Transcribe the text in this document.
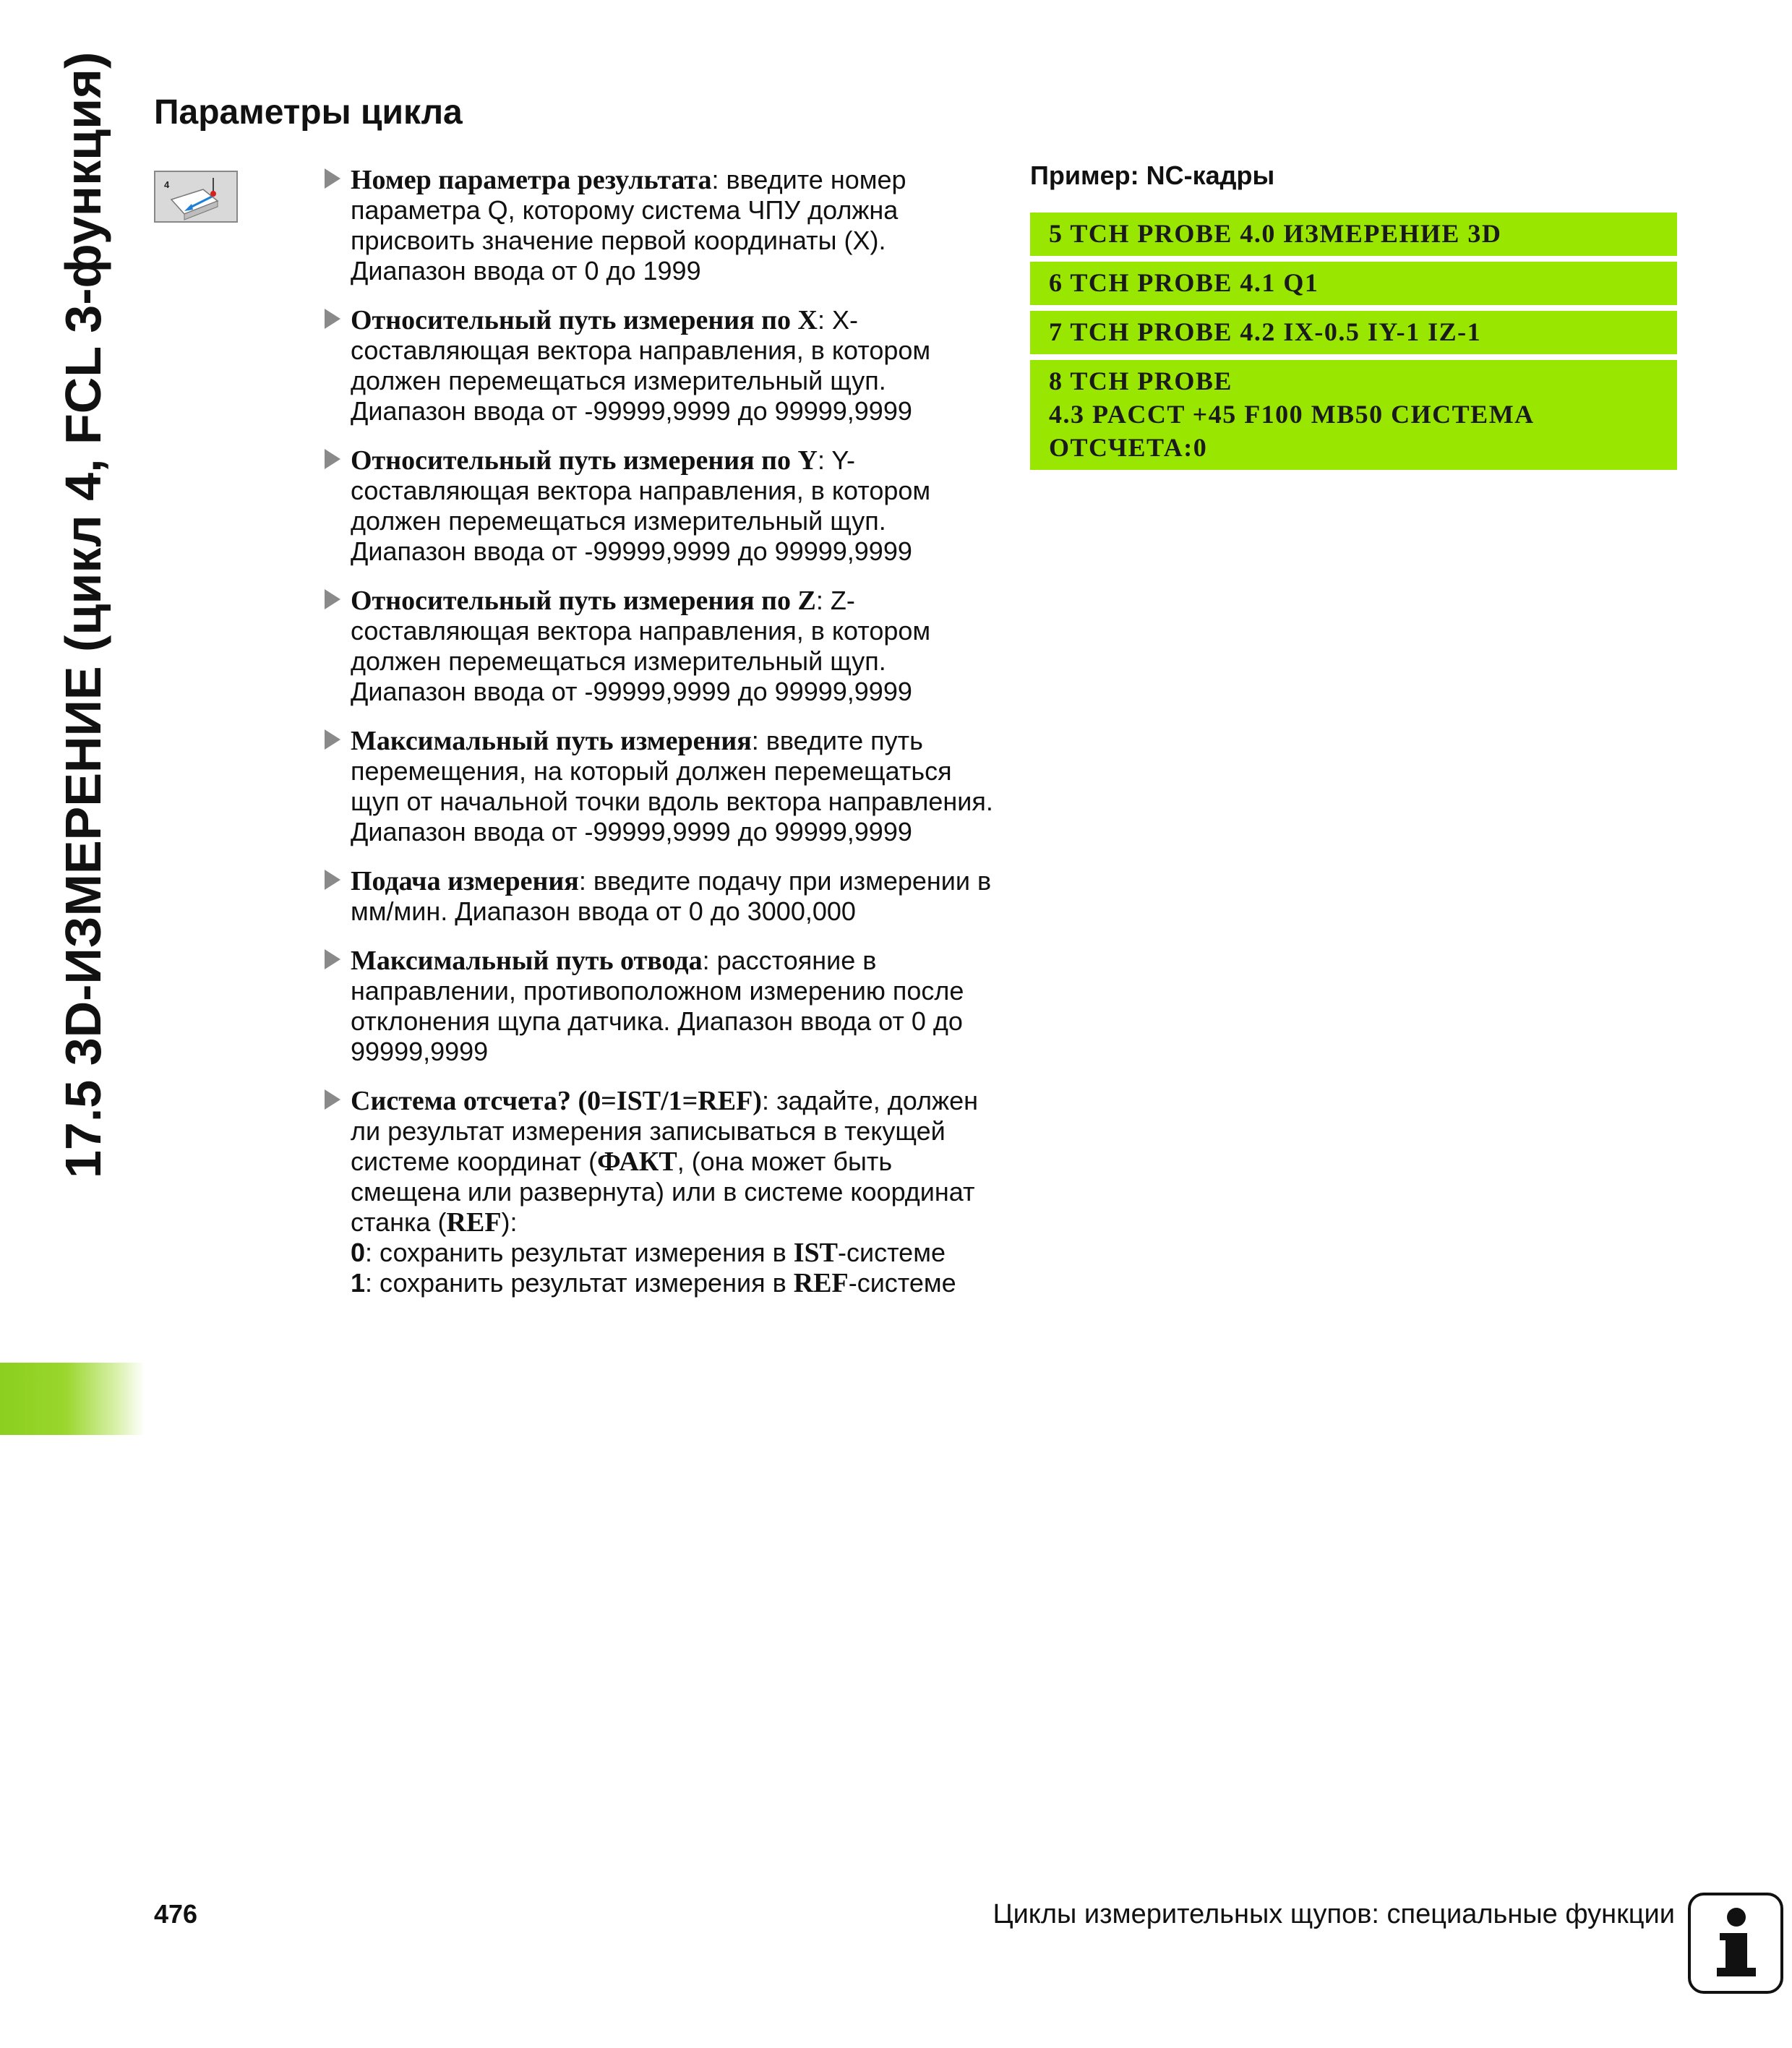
17.5 3D-ИЗМЕРЕНИЕ (цикл 4, FCL 3-функция) Параметры цикла
4	Номер параметра результата: введите номер параметра Q, которому система ЧПУ должна присвоить значение первой координаты (X). Диапазон ввода от 0 до 1999
Относительный путь измерения по X: X-составляющая вектора направления, в котором должен перемещаться измерительный щуп. Диапазон ввода от -99999,9999 до 99999,9999
Относительный путь измерения по Y: Y-составляющая вектора направления, в котором должен перемещаться измерительный щуп. Диапазон ввода от -99999,9999 до 99999,9999
Относительный путь измерения по Z: Z-составляющая вектора направления, в котором должен перемещаться измерительный щуп. Диапазон ввода от -99999,9999 до 99999,9999
Максимальный путь измерения: введите путь перемещения, на который должен перемещаться щуп от начальной точки вдоль вектора направления. Диапазон ввода от -99999,9999 до 99999,9999
Подача измерения: введите подачу при измерении в мм/мин. Диапазон ввода от 0 до 3000,000
Максимальный путь отвода: расстояние в направлении, противоположном измерению после отклонения щупа датчика. Диапазон ввода от 0 до 99999,9999
Система отсчета? (0=IST/1=REF): задайте, должен ли результат измерения записываться в текущей системе координат (ФАКТ, (она может быть смещена или развернута) или в системе координат станка (REF):
0: сохранить результат измерения в IST-системе
1: сохранить результат измерения в REF-системе
Пример: NC-кадры
5 TCH PROBE 4.0 ИЗМЕРЕНИЕ 3D
6 TCH PROBE 4.1 Q1
7 TCH PROBE 4.2 IX-0.5 IY-1 IZ-1
8 TCH PROBE
4.3 PACCT +45 F100 MB50 СИСТЕМА
ОТСЧЕТА:0
476	Циклы измерительных щупов: специальные функции
